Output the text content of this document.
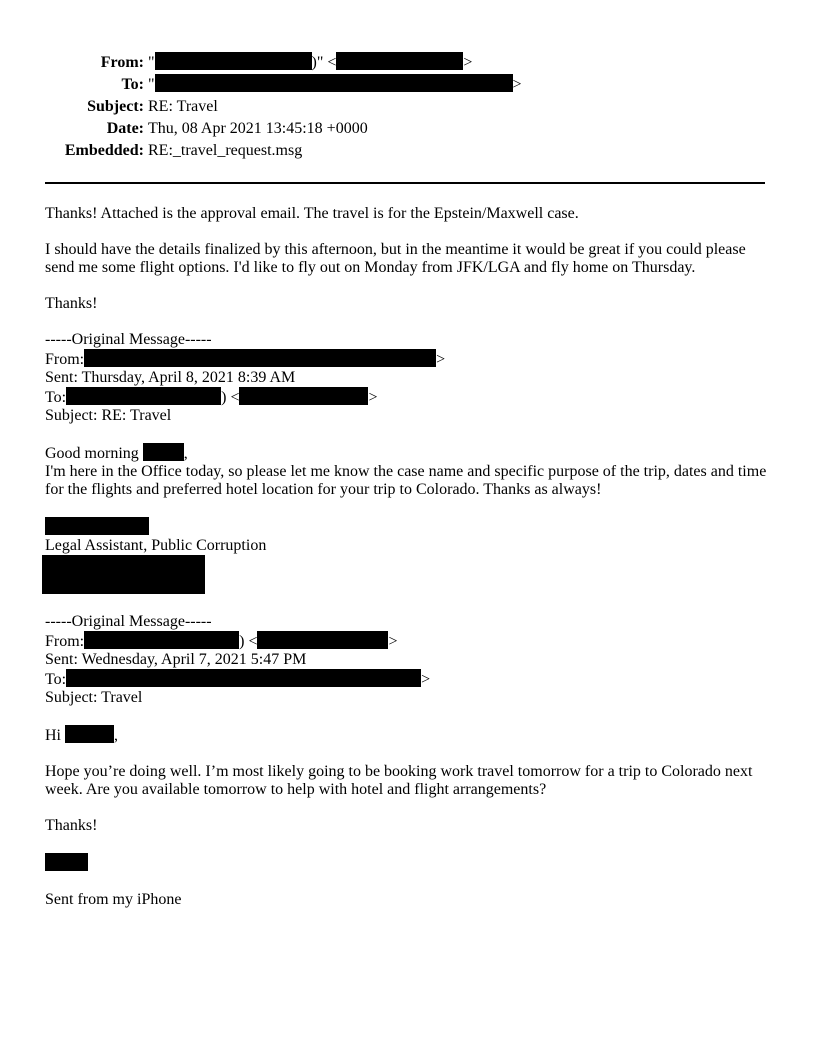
From: "	)" <	>
To: "	>
Subject: RE: Travel
Date: Thu, 08 Apr 2021 13:45:18 +0000
Embedded: RE:_travel_request.msg

Thanks! Attached is the approval email. The travel is for the Epstein/Maxwell case.

I should have the details finalized by this afternoon, but in the meantime it would be great if you could please send me some flight options. I'd like to fly out on Monday from JFK/LGA and fly home on Thursday.

Thanks!

-----Original Message-----
From:	>
Sent: Thursday, April 8, 2021 8:39 AM
To:	) <	>
Subject: RE: Travel
Good morning	,

I'm here in the Office today, so please let me know the case name and specific purpose of the trip, dates and time for the flights and preferred hotel location for your trip to Colorado. Thanks as always!

Legal Assistant, Public Corruption
-----Original Message-----
From:	) <	>
Sent: Wednesday, April 7, 2021 5:47 PM
To:	>
Subject: Travel
Hi	,

Hope you’re doing well. I’m most likely going to be booking work travel tomorrow for a trip to Colorado next week. Are you available tomorrow to help with hotel and flight arrangements?

Thanks!
Sent from my iPhone
